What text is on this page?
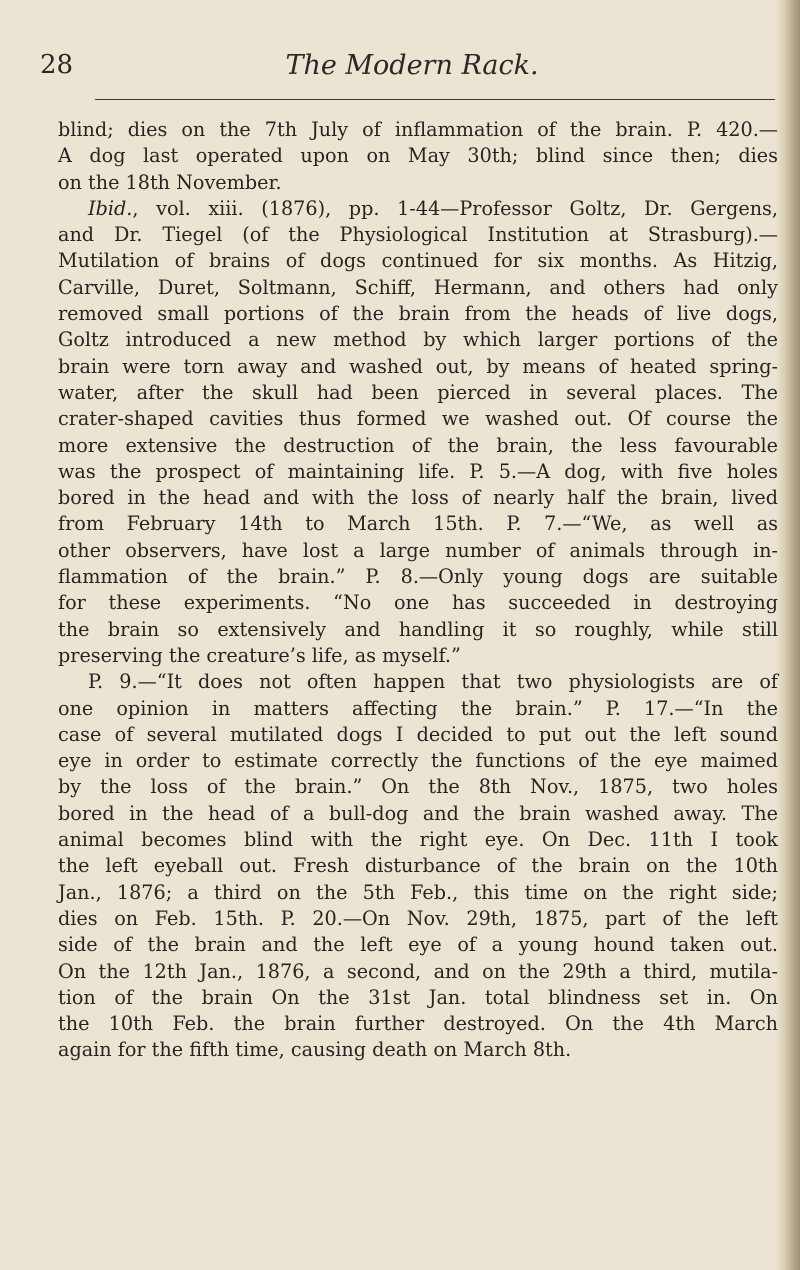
28	The Modern Rack.

blind; dies on the 7th July of inflammation of the brain. P. 420.—

A dog last operated upon on May 30th; blind since then; dies

on the 18th November.

Ibid., vol. xiii. (1876), pp. 1-44—Professor Goltz, Dr. Gergens,

and Dr. Tiegel (of the Physiological Institution at Strasburg).—

Mutilation of brains of dogs continued for six months. As Hitzig,

Carville, Duret, Soltmann, Schiff, Hermann, and others had only

removed small portions of the brain from the heads of live dogs,

Goltz introduced a new method by which larger portions of the

brain were torn away and washed out, by means of heated spring-

water, after the skull had been pierced in several places. The

crater-shaped cavities thus formed we washed out. Of course the

more extensive the destruction of the brain, the less favourable

was the prospect of maintaining life. P. 5.—A dog, with five holes

bored in the head and with the loss of nearly half the brain, lived

from February 14th to March 15th. P. 7.—“We, as well as

other observers, have lost a large number of animals through in-

flammation of the brain.” P. 8.—Only young dogs are suitable

for these experiments. “No one has succeeded in destroying

the brain so extensively and handling it so roughly, while still

preserving the creature’s life, as myself.”

P. 9.—“It does not often happen that two physiologists are of

one opinion in matters affecting the brain.” P. 17.—“In the

case of several mutilated dogs I decided to put out the left sound

eye in order to estimate correctly the functions of the eye maimed

by the loss of the brain.” On the 8th Nov., 1875, two holes

bored in the head of a bull-dog and the brain washed away. The

animal becomes blind with the right eye. On Dec. 11th I took

the left eyeball out. Fresh disturbance of the brain on the 10th

Jan., 1876; a third on the 5th Feb., this time on the right side;

dies on Feb. 15th. P. 20.—On Nov. 29th, 1875, part of the left

side of the brain and the left eye of a young hound taken out.

On the 12th Jan., 1876, a second, and on the 29th a third, mutila-

tion of the brain On the 31st Jan. total blindness set in. On

the 10th Feb. the brain further destroyed. On the 4th March

again for the fifth time, causing death on March 8th.
